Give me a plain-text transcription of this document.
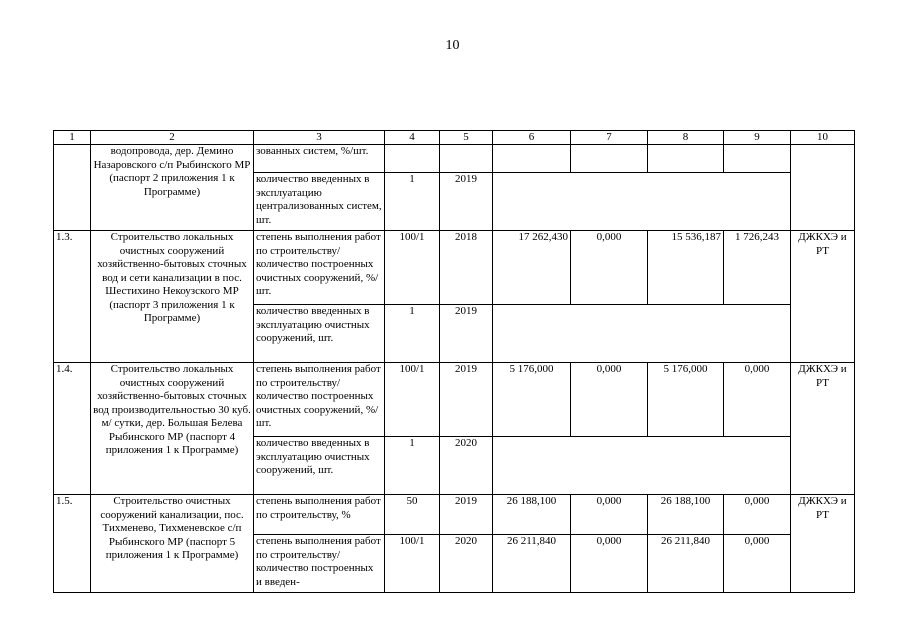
10
1	2	3	4	5	6	7	8	9	10
	водопровода, дер. Демино Назаровского с/п Рыбинского МР (паспорт 2 приложения 1 к Программе)	зованных систем, %/шт.							
		количество введенных в эксплуатацию централизованных систем, шт.	1	2019					
1.3.	Строительство локальных очистных сооружений хозяйственно-бытовых сточных вод и сети канализации в пос. Шестихино Некоузского МР (паспорт 3 приложения 1 к Программе)	степень выполнения работ по строительству/ количество построенных очистных сооружений, %/шт.	100/1	2018	17 262,430	0,000	15 536,187	1 726,243	ДЖКХЭ и РТ
		количество введенных в эксплуатацию очистных сооружений, шт.	1	2019					
1.4.	Строительство локальных очистных сооружений хозяйственно-бытовых сточных вод производительностью 30 куб. м/ сутки, дер. Большая Белева Рыбинского МР (паспорт 4 приложения 1 к Программе)	степень выполнения работ по строительству/ количество построенных очистных сооружений, %/шт.	100/1	2019	5 176,000	0,000	5 176,000	0,000	ДЖКХЭ и РТ
		количество введенных в эксплуатацию очистных сооружений, шт.	1	2020					
1.5.	Строительство очистных сооружений канализации, пос. Тихменево, Тихменевское с/п Рыбинского МР (паспорт 5 приложения 1 к Программе)	степень выполнения работ по строительству, %	50	2019	26 188,100	0,000	26 188,100	0,000	ДЖКХЭ и РТ
		степень выполнения работ по строительству/ количество построенных и введен-	100/1	2020	26 211,840	0,000	26 211,840	0,000	
